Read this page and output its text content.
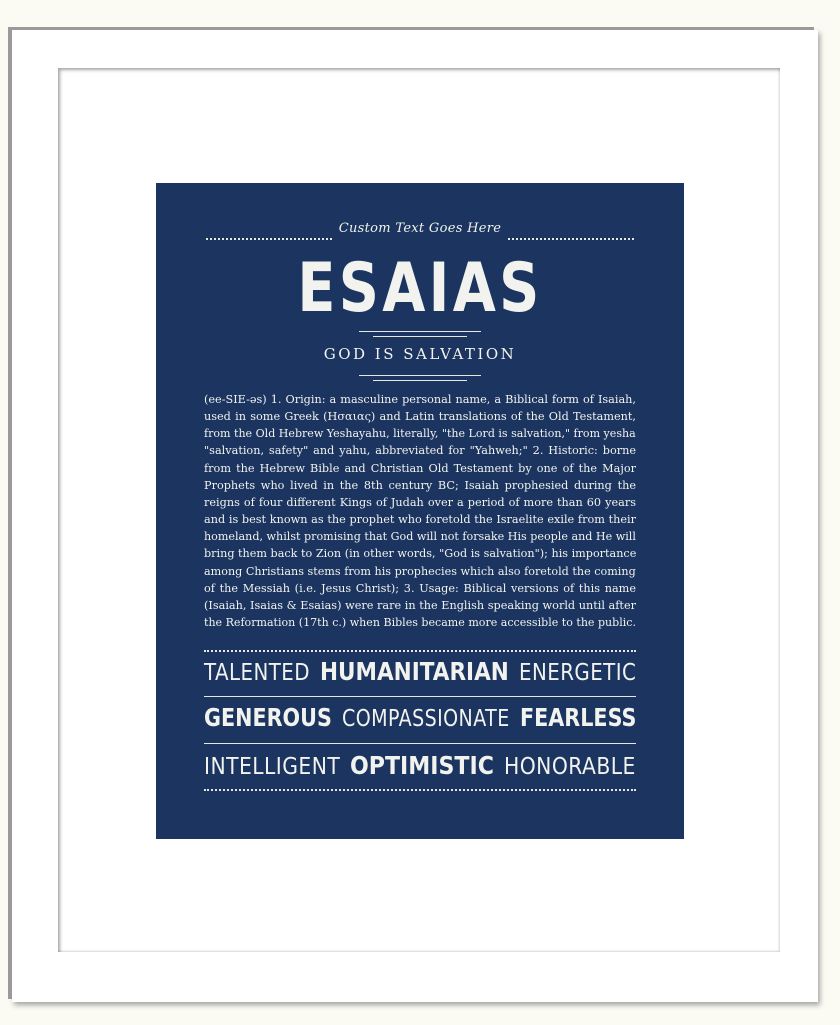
Custom Text Goes Here
ESAIAS
GOD IS SALVATION
(ee-SIE-əs) 1. Origin: a masculine personal name, a Biblical form of Isaiah,
used in some Greek (Ησαιας) and Latin translations of the Old Testament,
from the Old Hebrew Yeshayahu, literally, "the Lord is salvation," from yesha
"salvation, safety" and yahu, abbreviated for "Yahweh;" 2. Historic: borne
from the Hebrew Bible and Christian Old Testament by one of the Major
Prophets who lived in the 8th century BC; Isaiah prophesied during the
reigns of four different Kings of Judah over a period of more than 60 years
and is best known as the prophet who foretold the Israelite exile from their
homeland, whilst promising that God will not forsake His people and He will
bring them back to Zion (in other words, "God is salvation"); his importance
among Christians stems from his prophecies which also foretold the coming
of the Messiah (i.e. Jesus Christ); 3. Usage: Biblical versions of this name
(Isaiah, Isaias & Esaias) were rare in the English speaking world until after
the Reformation (17th c.) when Bibles became more accessible to the public.
TALENTED HUMANITARIAN ENERGETIC
GENEROUS COMPASSIONATE FEARLESS
INTELLIGENT OPTIMISTIC HONORABLE
